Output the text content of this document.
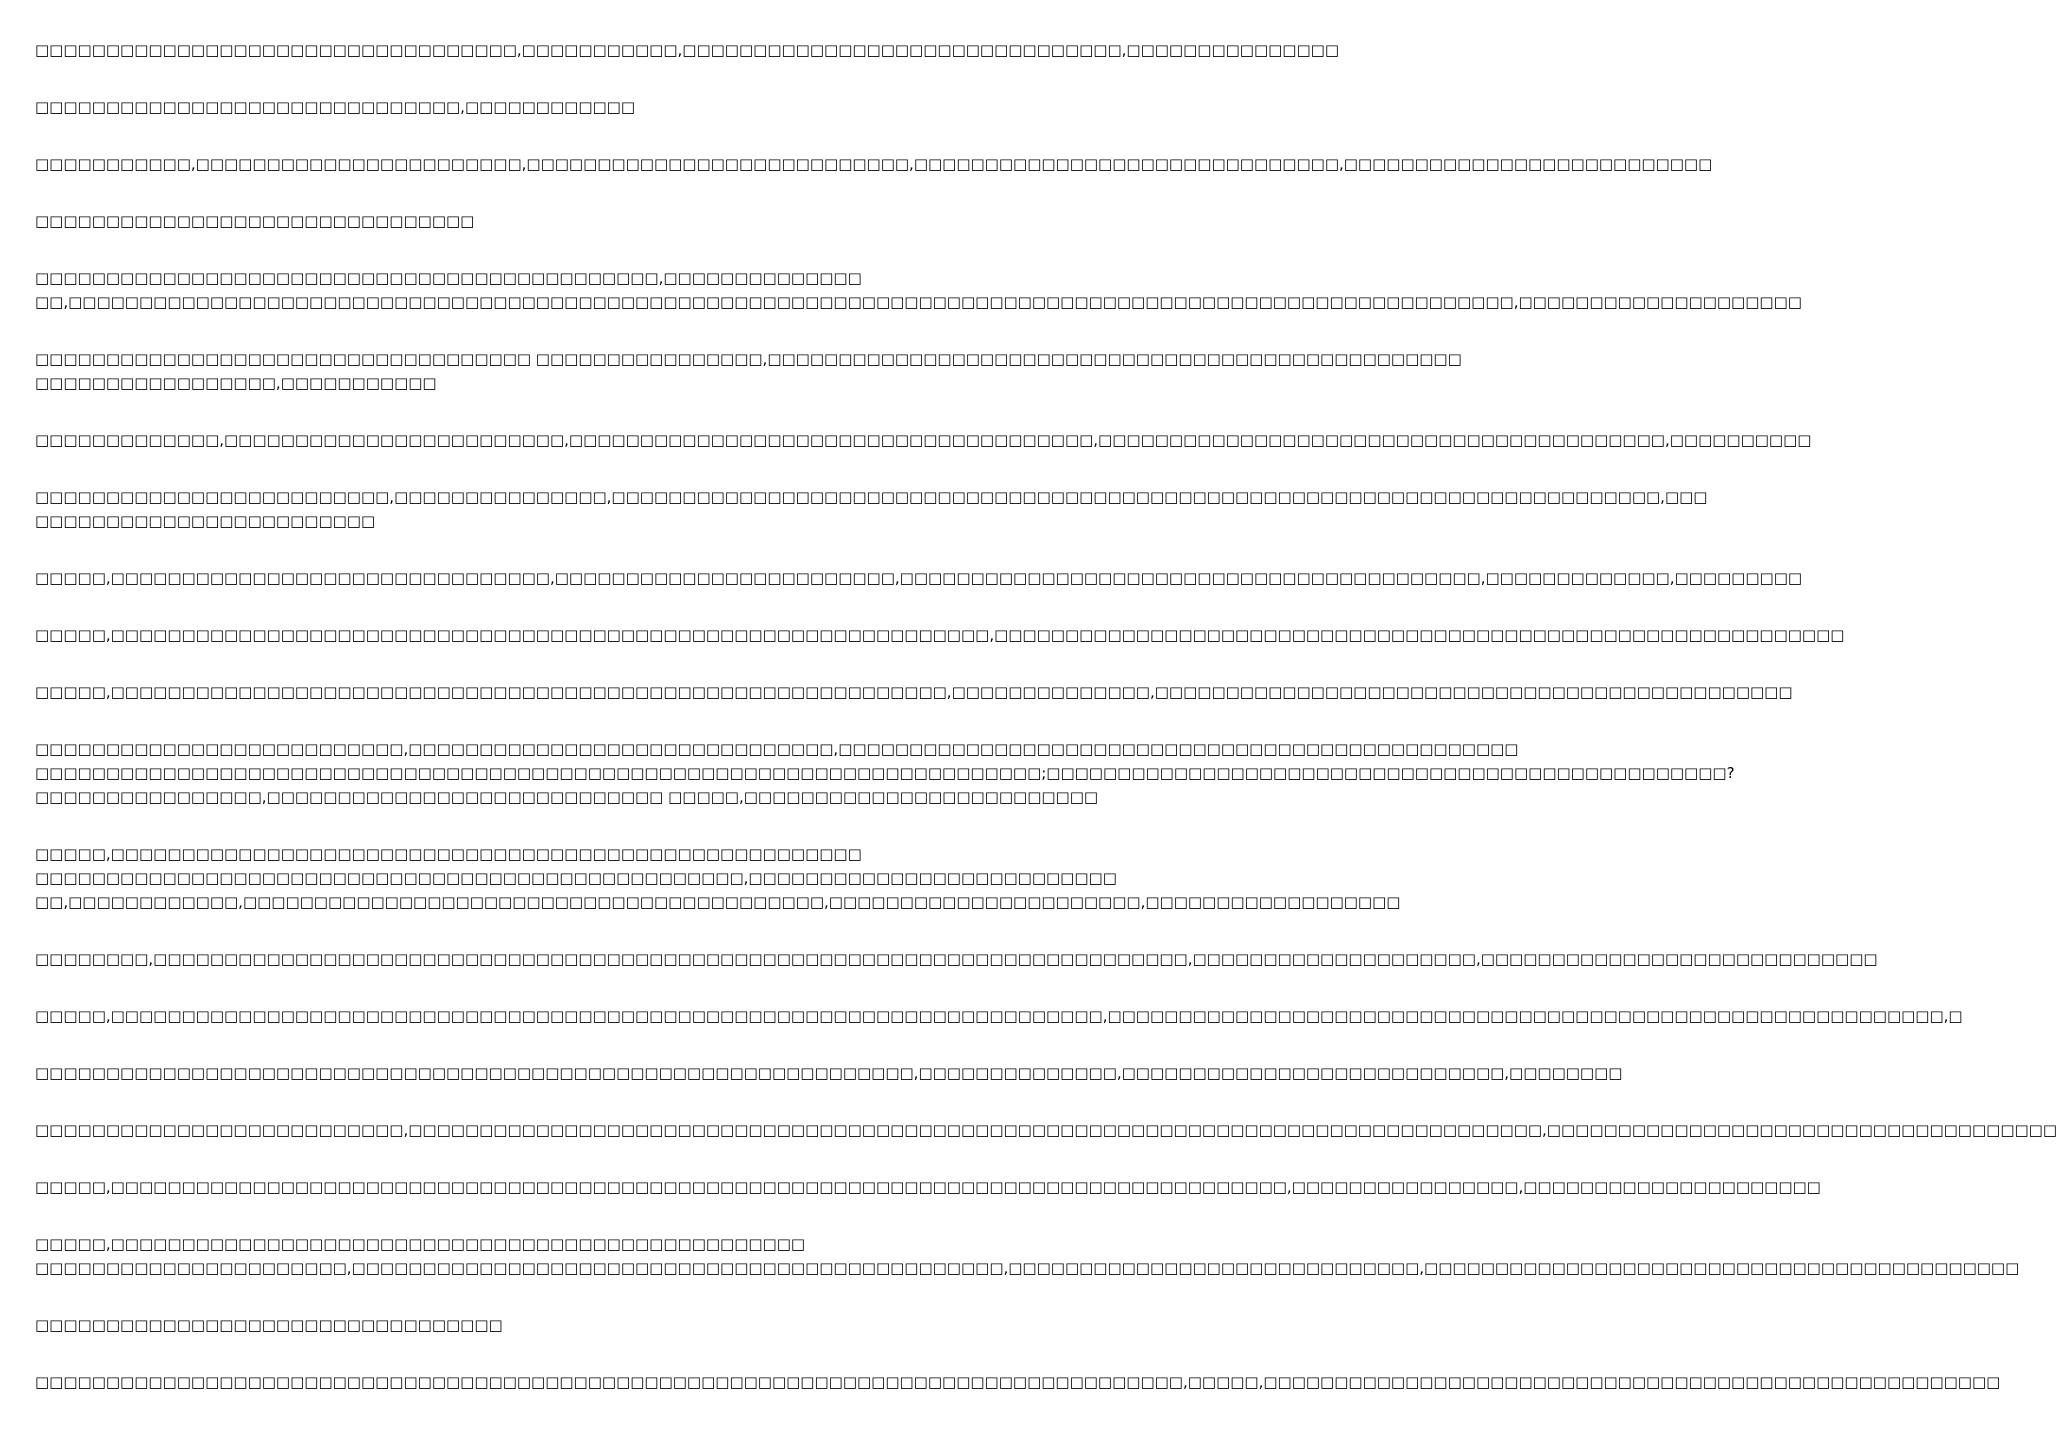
□□□□□□□□□□□□□□□□□□□□□□□□□□□□□□□□□□,□□□□□□□□□□□,□□□□□□□□□□□□□□□□□□□□□□□□□□□□□□□,□□□□□□□□□□□□□□□

□□□□□□□□□□□□□□□□□□□□□□□□□□□□□□,□□□□□□□□□□□□

□□□□□□□□□□□,□□□□□□□□□□□□□□□□□□□□□□□,□□□□□□□□□□□□□□□□□□□□□□□□□□□,□□□□□□□□□□□□□□□□□□□□□□□□□□□□□□,□□□□□□□□□□□□□□□□□□□□□□□□□□

□□□□□□□□□□□□□□□□□□□□□□□□□□□□□□□

□□□□□□□□□□□□□□□□□□□□□□□□□□□□□□□□□□□□□□□□□□□□,□□□□□□□□□□□□□□
□□,□□□□□□□□□□□□□□□□□□□□□□□□□□□□□□□□□□□□□□□□□□□□□□□□□□□□□□□□□□□□□□□□□□□□□□□□□□□□□□□□□□□□□□□□□□□□□□□□□□□□□□,□□□□□□□□□□□□□□□□□□□□

□□□□□□□□□□□□□□□□□□□□□□□□□□□□□□□□□□□ □□□□□□□□□□□□□□□□,□□□□□□□□□□□□□□□□□□□□□□□□□□□□□□□□□□□□□□□□□□□□□□□□□
□□□□□□□□□□□□□□□□□,□□□□□□□□□□□

□□□□□□□□□□□□□,□□□□□□□□□□□□□□□□□□□□□□□□,□□□□□□□□□□□□□□□□□□□□□□□□□□□□□□□□□□□□□,□□□□□□□□□□□□□□□□□□□□□□□□□□□□□□□□□□□□□□□□,□□□□□□□□□□

□□□□□□□□□□□□□□□□□□□□□□□□□,□□□□□□□□□□□□□□□,□□□□□□□□□□□□□□□□□□□□□□□□□□□□□□□□□□□□□□□□□□□□□□□□□□□□□□□□□□□□□□□□□□□□□□□□□□,□□□
□□□□□□□□□□□□□□□□□□□□□□□□

□□□□□,□□□□□□□□□□□□□□□□□□□□□□□□□□□□□□□,□□□□□□□□□□□□□□□□□□□□□□□□,□□□□□□□□□□□□□□□□□□□□□□□□□□□□□□□□□□□□□□□□□,□□□□□□□□□□□□□,□□□□□□□□□

□□□□□,□□□□□□□□□□□□□□□□□□□□□□□□□□□□□□□□□□□□□□□□□□□□□□□□□□□□□□□□□□□□□□,□□□□□□□□□□□□□□□□□□□□□□□□□□□□□□□□□□□□□□□□□□□□□□□□□□□□□□□□□□□□

□□□□□,□□□□□□□□□□□□□□□□□□□□□□□□□□□□□□□□□□□□□□□□□□□□□□□□□□□□□□□□□□□,□□□□□□□□□□□□□□,□□□□□□□□□□□□□□□□□□□□□□□□□□□□□□□□□□□□□□□□□□□□□

□□□□□□□□□□□□□□□□□□□□□□□□□□,□□□□□□□□□□□□□□□□□□□□□□□□□□□□□□,□□□□□□□□□□□□□□□□□□□□□□□□□□□□□□□□□□□□□□□□□□□□□□□□
□□□□□□□□□□□□□□□□□□□□□□□□□□□□□□□□□□□□□□□□□□□□□□□□□□□□□□□□□□□□□□□□□□□□□□□;□□□□□□□□□□□□□□□□□□□□□□□□□□□□□□□□□□□□□□□□□□□□□□□□?
□□□□□□□□□□□□□□□□,□□□□□□□□□□□□□□□□□□□□□□□□□□□□ □□□□□,□□□□□□□□□□□□□□□□□□□□□□□□□

□□□□□,□□□□□□□□□□□□□□□□□□□□□□□□□□□□□□□□□□□□□□□□□□□□□□□□□□□□□
□□□□□□□□□□□□□□□□□□□□□□□□□□□□□□□□□□□□□□□□□□□□□□□□□□,□□□□□□□□□□□□□□□□□□□□□□□□□□
□□,□□□□□□□□□□□□,□□□□□□□□□□□□□□□□□□□□□□□□□□□□□□□□□□□□□□□□□,□□□□□□□□□□□□□□□□□□□□□□,□□□□□□□□□□□□□□□□□□

□□□□□□□□,□□□□□□□□□□□□□□□□□□□□□□□□□□□□□□□□□□□□□□□□□□□□□□□□□□□□□□□□□□□□□□□□□□□□□□□□□,□□□□□□□□□□□□□□□□□□□□,□□□□□□□□□□□□□□□□□□□□□□□□□□□□

□□□□□,□□□□□□□□□□□□□□□□□□□□□□□□□□□□□□□□□□□□□□□□□□□□□□□□□□□□□□□□□□□□□□□□□□□□□□,□□□□□□□□□□□□□□□□□□□□□□□□□□□□□□□□□□□□□□□□□□□□□□□□□□□□□□□□□□□,□

□□□□□□□□□□□□□□□□□□□□□□□□□□□□□□□□□□□□□□□□□□□□□□□□□□□□□□□□□□□□□□,□□□□□□□□□□□□□□,□□□□□□□□□□□□□□□□□□□□□□□□□□□,□□□□□□□□

□□□□□□□□□□□□□□□□□□□□□□□□□□,□□□□□□□□□□□□□□□□□□□□□□□□□□□□□□□□□□□□□□□□□□□□□□□□□□□□□□□□□□□□□□□□□□□□□□□□□□□□□□□□,□□□□□□□□□□□□□□□□□□□□□□□□□□□□□□□□□□□□

□□□□□,□□□□□□□□□□□□□□□□□□□□□□□□□□□□□□□□□□□□□□□□□□□□□□□□□□□□□□□□□□□□□□□□□□□□□□□□□□□□□□□□□□□,□□□□□□□□□□□□□□□□,□□□□□□□□□□□□□□□□□□□□□

□□□□□,□□□□□□□□□□□□□□□□□□□□□□□□□□□□□□□□□□□□□□□□□□□□□□□□□
□□□□□□□□□□□□□□□□□□□□□□,□□□□□□□□□□□□□□□□□□□□□□□□□□□□□□□□□□□□□□□□□□□□□□,□□□□□□□□□□□□□□□□□□□□□□□□□□□□□,□□□□□□□□□□□□□□□□□□□□□□□□□□□□□□□□□□□□□□□□□□

□□□□□□□□□□□□□□□□□□□□□□□□□□□□□□□□□

□□□□□□□□□□□□□□□□□□□□□□□□□□□□□□□□□□□□□□□□□□□□□□□□□□□□□□□□□□□□□□□□□□□□□□□□□□□□□□□□□,□□□□□,□□□□□□□□□□□□□□□□□□□□□□□□□□□□□□□□□□□□□□□□□□□□□□□□□□□□
